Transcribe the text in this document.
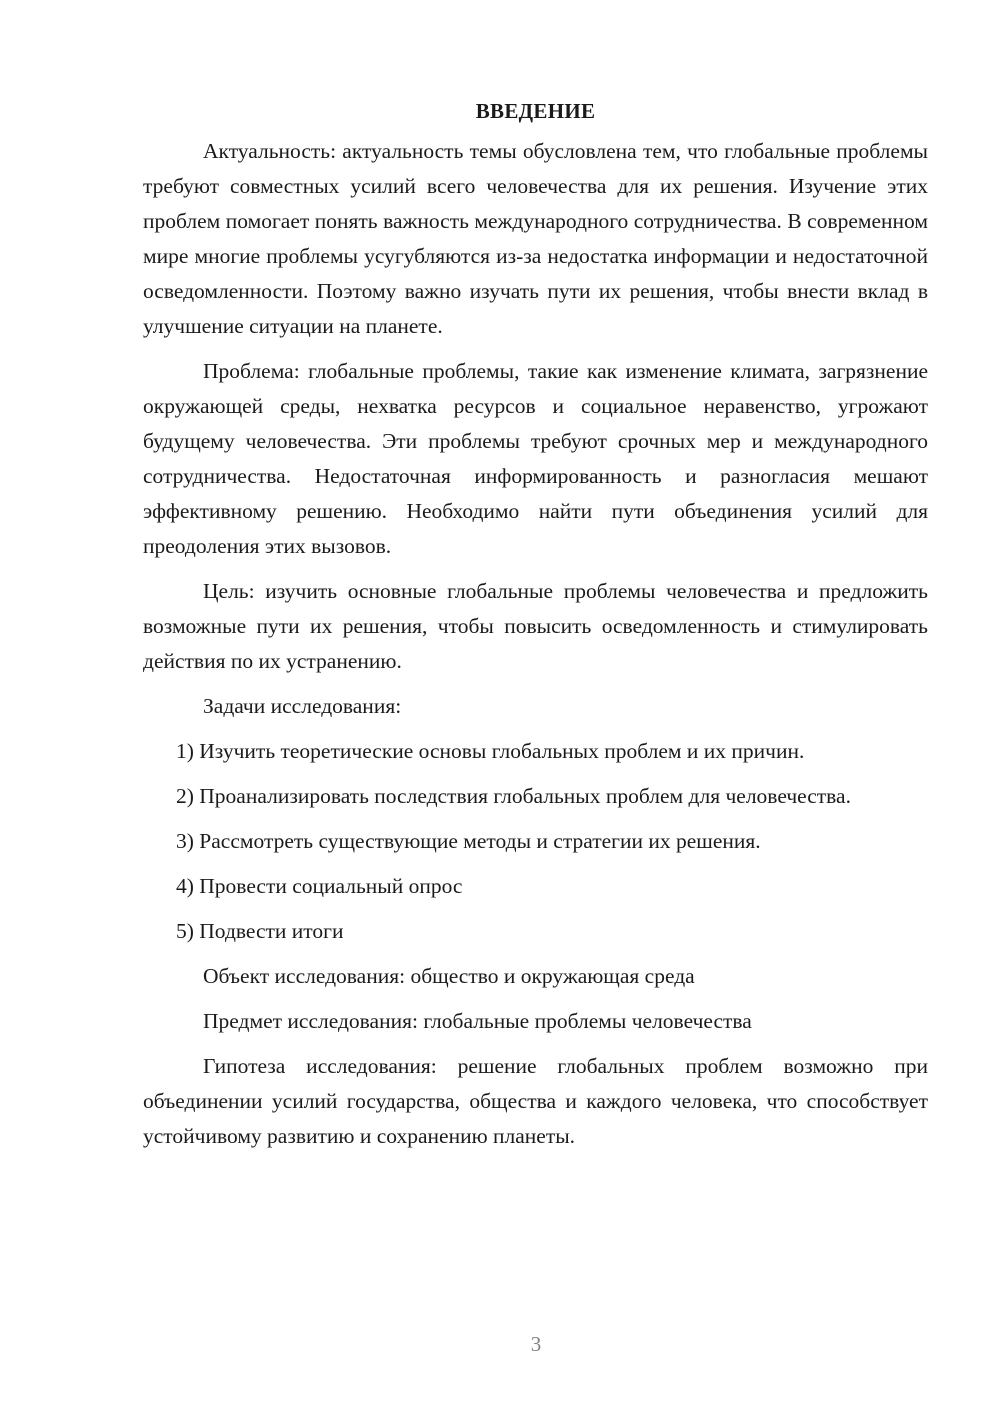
ВВЕДЕНИЕ

Актуальность: актуальность темы обусловлена тем, что глобальные проблемы требуют совместных усилий всего человечества для их решения. Изучение этих проблем помогает понять важность международного сотрудничества. В современном мире многие проблемы усугубляются из-за недостатка информации и недостаточной осведомленности. Поэтому важно изучать пути их решения, чтобы внести вклад в улучшение ситуации на планете.

Проблема: глобальные проблемы, такие как изменение климата, загрязнение окружающей среды, нехватка ресурсов и социальное неравенство, угрожают будущему человечества. Эти проблемы требуют срочных мер и международного сотрудничества. Недостаточная информированность и разногласия мешают эффективному решению. Необходимо найти пути объединения усилий для преодоления этих вызовов.

Цель: изучить основные глобальные проблемы человечества и предложить возможные пути их решения, чтобы повысить осведомленность и стимулировать действия по их устранению.

Задачи исследования:

1) Изучить теоретические основы глобальных проблем и их причин.

2) Проанализировать последствия глобальных проблем для человечества.

3) Рассмотреть существующие методы и стратегии их решения.

4) Провести социальный опрос

5) Подвести итоги

Объект исследования: общество и окружающая среда

Предмет исследования: глобальные проблемы человечества

Гипотеза исследования: решение глобальных проблем возможно при объединении усилий государства, общества и каждого человека, что способствует устойчивому развитию и сохранению планеты.

3
